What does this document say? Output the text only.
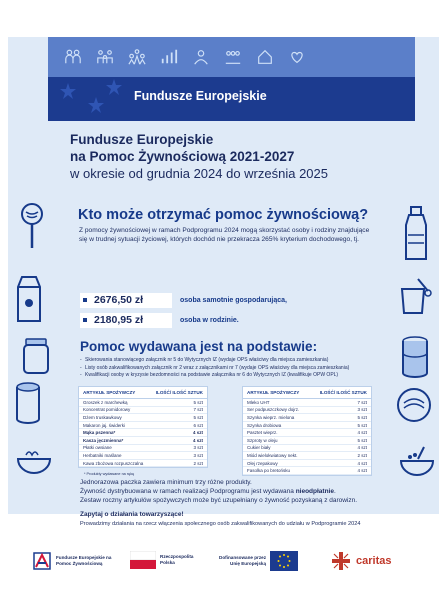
Fundusze Europejskie
Fundusze Europejskie
na Pomoc Żywnościową 2021-2027
w okresie od grudnia 2024 do września 2025
Kto może otrzymać pomoc żywnościową?
Z pomocy żywnościowej w ramach Podprogramu 2024 mogą skorzystać osoby i rodziny znajdujące się w trudnej sytuacji życiowej, których dochód nie przekracza 265% kryterium dochodowego, tj.
2676,50 zł	osoba samotnie gospodarująca,
2180,95 zł	osoba w rodzinie.
Pomoc wydawana jest na podstawie:
- Skierowania stanowiącego załącznik nr 5 do Wytycznych IZ (wydaje OPS właściwy dla miejsca zamieszkania)
- Listy osób zakwalifikowanych załącznik nr 2 wraz z załącznikami nr 7 (wydaje OPS właściwy dla miejsca zamieszkania)
- Kwalifikacji osoby w kryzysie bezdomności na podstawie załącznika nr 6 do Wytycznych IZ (kwalifikuje OPW OPL)
ARTYKUŁ SPOŻYWCZY	ILOŚĆ/ ILOŚĆ SZTUK
Groszek z marchewką	5 szt
Koncentrat pomidorowy	7 szt
Dżem truskawkowy	5 szt
Makaron jaj. świderki	6 szt
Mąka pszenna*	4 szt
Kasza jęczmienna*	4 szt
Płatki owsiane	3 szt
Herbatniki maślane	3 szt
Kawa zbożowa rozpuszczalna	2 szt
ARTYKUŁ SPOŻYWCZY	ILOŚĆ/ ILOŚĆ SZTUK
Mleko UHT	7 szt
Ser podpuszczkowy dojrz.	3 szt
Szynka wieprz. mielona	5 szt
Szynka drobiowa	5 szt
Pasztet wieprz.	4 szt
Szproty w oleju	5 szt
Cukier biały	4 szt
Miód wielokwiatowy nekt.	2 szt
Olej rzepakowy	4 szt
Fasolka po bretońsku	4 szt
* Produkty wydawane na rękę
Jednorazowa paczka zawiera minimum trzy różne produkty.
Żywność dystrybuowana w ramach realizacji Podprogramu jest wydawana nieodpłatnie.
Zestaw roczny artykułów spożywczych może być uzupełniany o żywność pozyskaną z darowizn.
Zapytaj o działania towarzyszące!
Prowadzimy działania na rzecz włączenia społecznego osób zakwalifikowanych do udziału w Podprogramie 2024
Fundusze Europejskie na Pomoc Żywnościową
Rzeczpospolita Polska
Dofinansowane przez Unię Europejską	caritas
